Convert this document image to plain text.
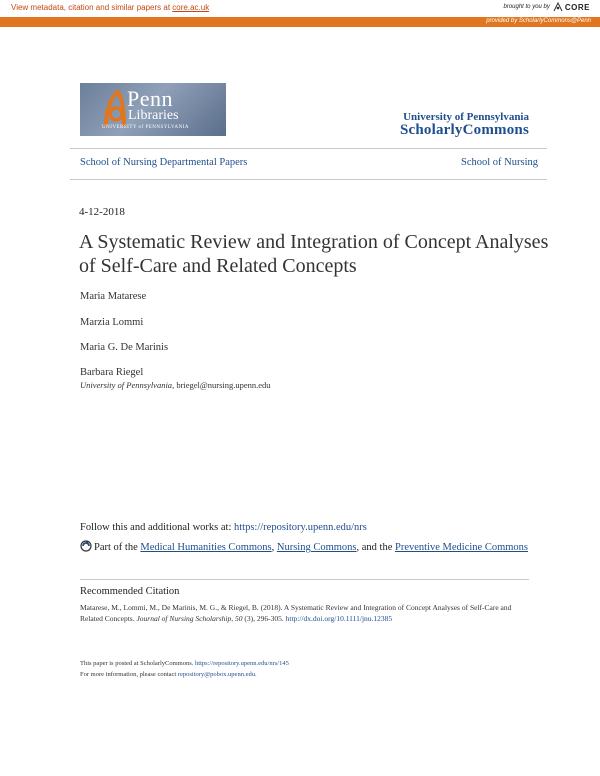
View metadata, citation and similar papers at core.ac.uk	brought to you by CORE
provided by ScholarlyCommons@Penn
Penn
Libraries
UNIVERSITY of PENNSYLVANIA
University of Pennsylvania
ScholarlyCommons
School of Nursing Departmental Papers	School of Nursing
4-12-2018
A Systematic Review and Integration of Concept Analyses of Self-Care and Related Concepts
Maria Matarese
Marzia Lommi
Maria G. De Marinis
Barbara Riegel
University of Pennsylvania, briegel@nursing.upenn.edu
Follow this and additional works at: https://repository.upenn.edu/nrs
Part of the Medical Humanities Commons, Nursing Commons, and the Preventive Medicine Commons
Recommended Citation
Matarese, M., Lommi, M., De Marinis, M. G., & Riegel, B. (2018). A Systematic Review and Integration of Concept Analyses of Self-Care and Related Concepts. Journal of Nursing Scholarship, 50 (3), 296-305. http://dx.doi.org/10.1111/jnu.12385
This paper is posted at ScholarlyCommons. https://repository.upenn.edu/nrs/145
For more information, please contact repository@pobox.upenn.edu.
